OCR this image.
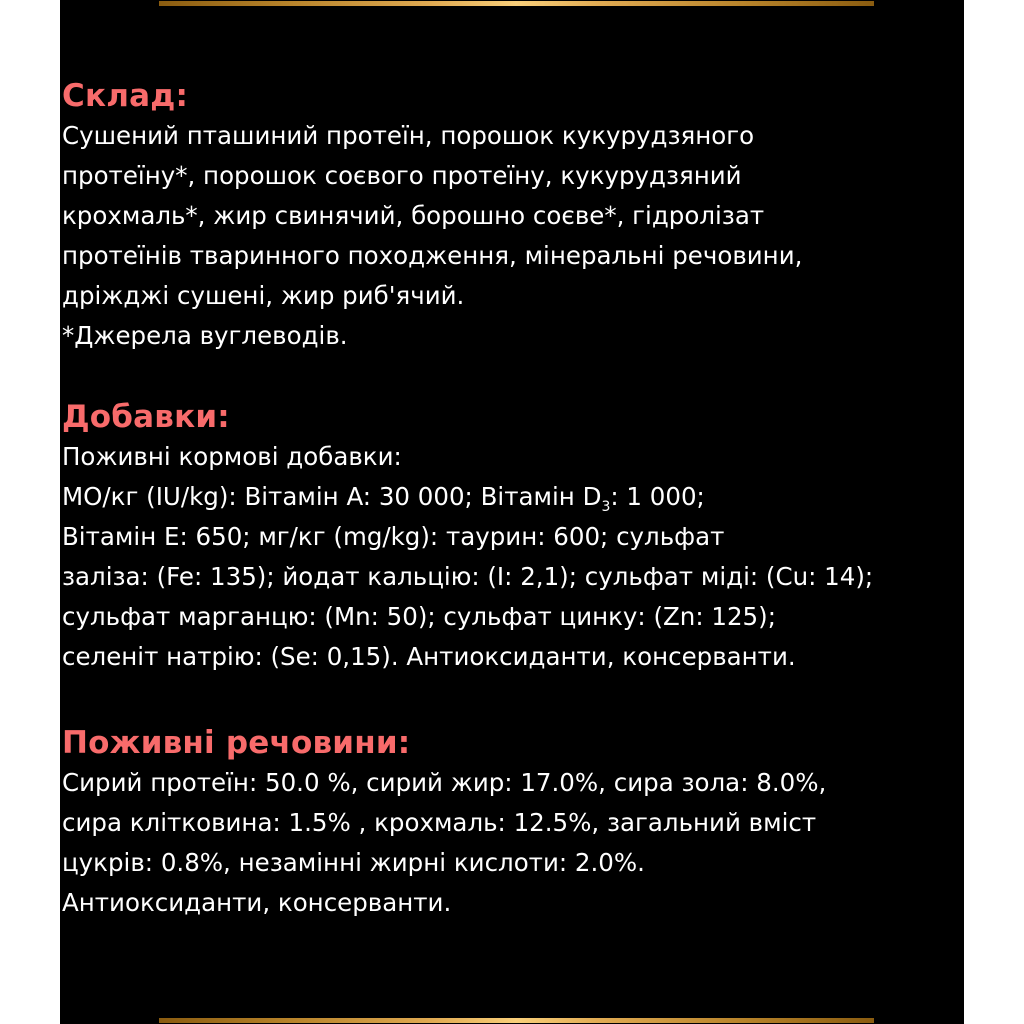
Склад:

Сушений пташиний протеїн, порошок кукурудзяного

протеїну*, порошок соєвого протеїну, кукурудзяний

крохмаль*, жир свинячий, борошно соєве*, гідролізат

протеїнів тваринного походження, мінеральні речовини,

дріжджі сушені, жир риб'ячий.

*Джерела вуглеводів.

Добавки:

Поживні кормові добавки:

МО/кг (IU/kg): Вітамін A: 30 000; Вітамін $D_3$: 1 000;

Вітамін E: 650; мг/кг (mg/kg): таурин: 600; сульфат

заліза: (Fe: 135); йодат кальцію: (I: 2,1); сульфат міді: (Cu: 14);

сульфат марганцю: (Mn: 50); сульфат цинку: (Zn: 125);

селеніт натрію: (Se: 0,15). Антиоксиданти, консерванти.

Поживні речовини:

Сирий протеїн: 50.0 %, сирий жир: 17.0%, сира зола: 8.0%,

сира клітковина: 1.5% , крохмаль: 12.5%, загальний вміст

цукрів: 0.8%, незамінні жирні кислоти: 2.0%.

Антиоксиданти, консерванти.
